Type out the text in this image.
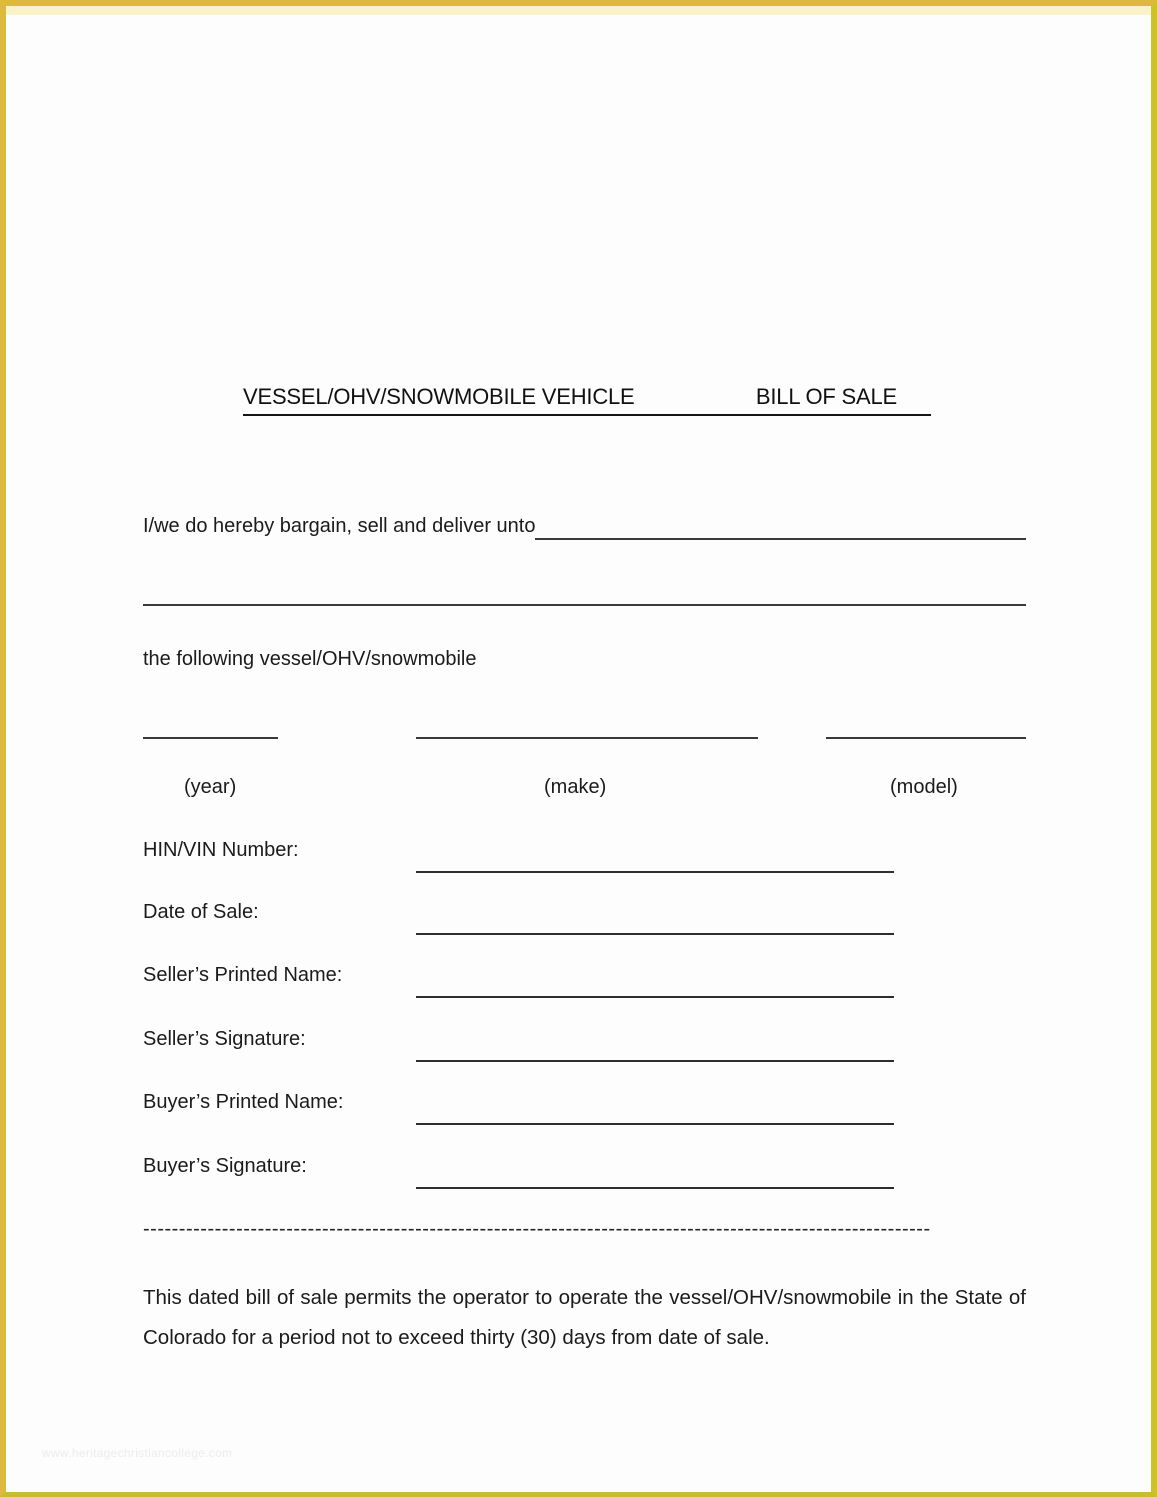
VESSEL/OHV/SNOWMOBILE VEHICLE	BILL OF SALE
I/we do hereby bargain, sell and deliver unto
the following vessel/OHV/snowmobile
(year)	(make)	(model)
HIN/VIN Number:
Date of Sale:
Seller’s Printed Name:
Seller’s Signature:
Buyer’s Printed Name:
Buyer’s Signature:
--------------------------------------------------------------------------------------------------------------
This dated bill of sale permits the operator to operate the vessel/OHV/snowmobile in the State of Colorado for a period not to exceed thirty (30) days from date of sale.
www.heritagechristiancollege.com
